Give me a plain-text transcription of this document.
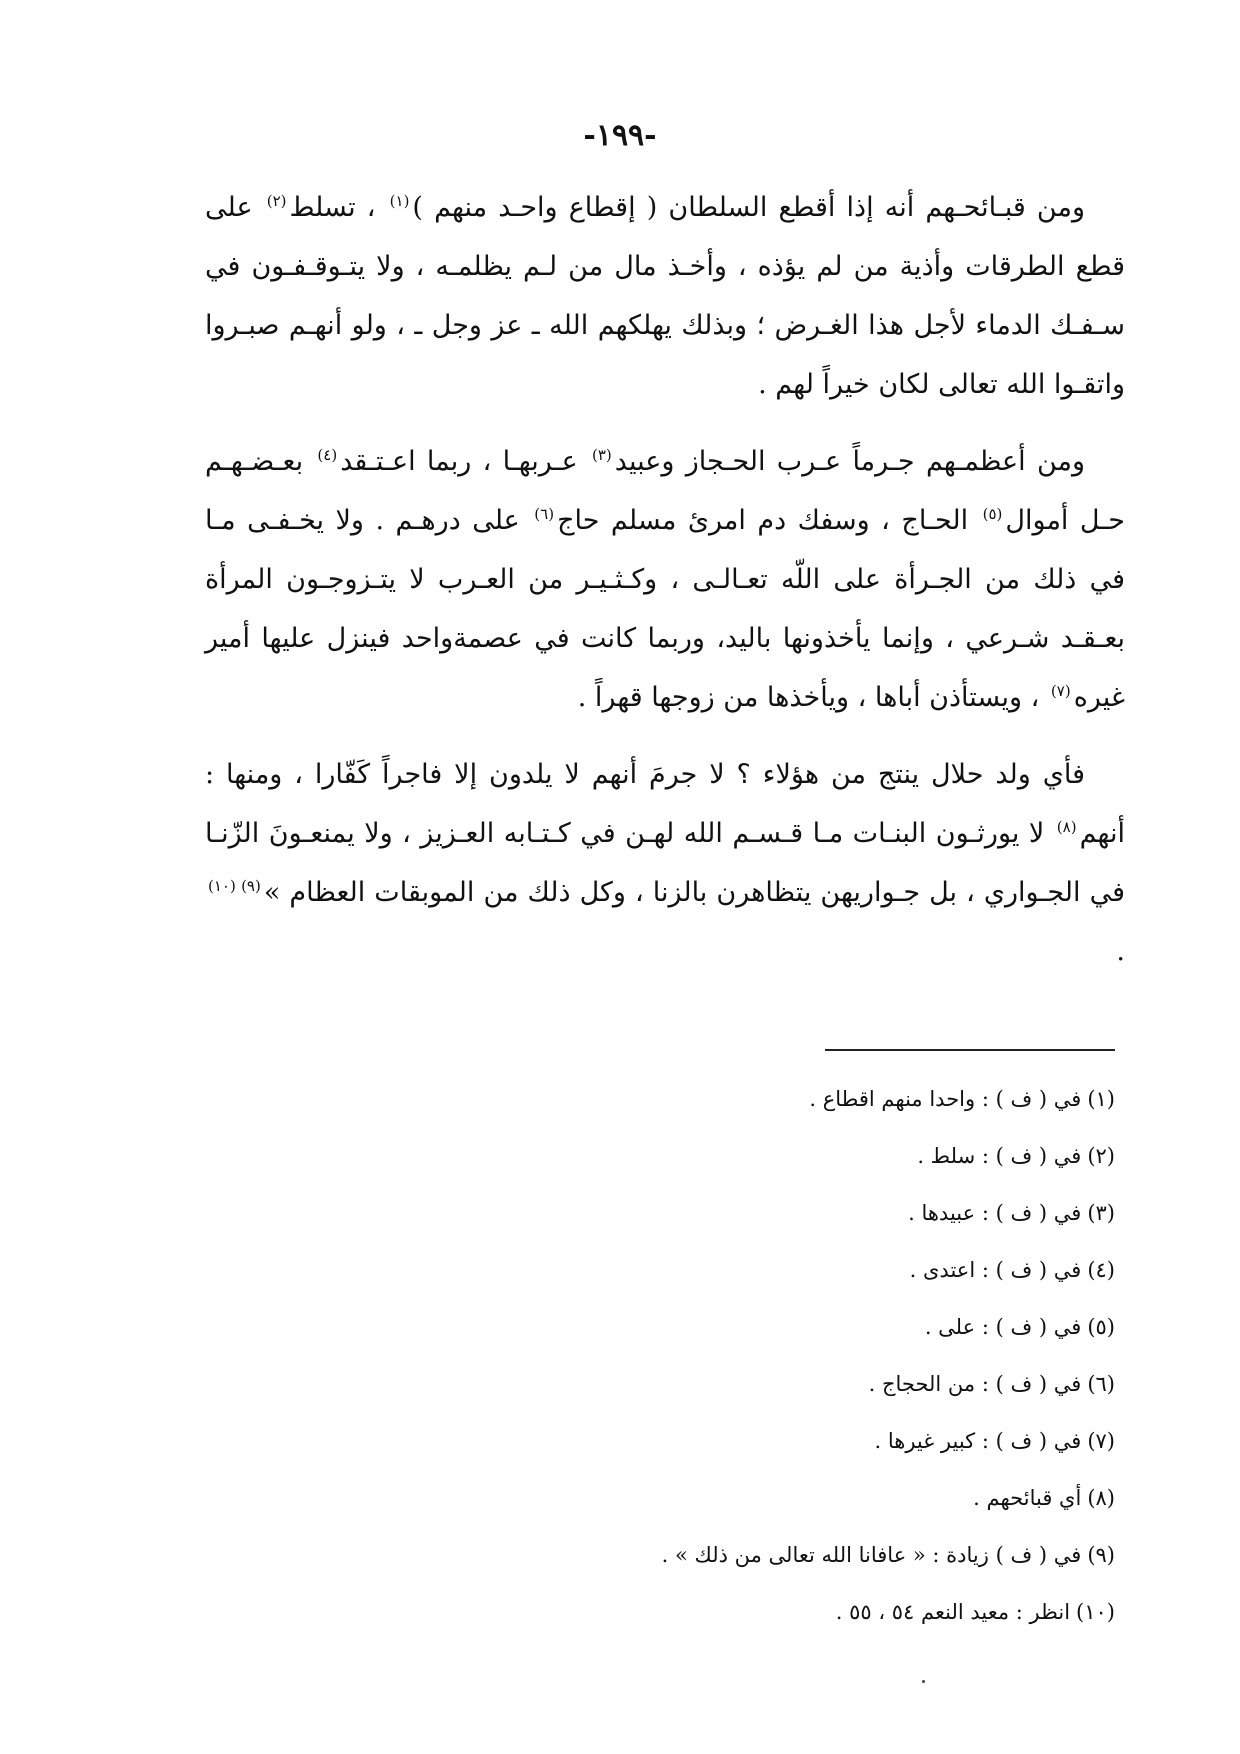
-١٩٩-

ومن قبـائحـهم أنه إذا أقطع السلطان ( إقطاع واحـد منهم )$^{(١)}$ ، تسلط$^{(٢)}$ على قطع الطرقات وأذية من لم يؤذه ، وأخـذ مال من لـم يظلمـه ، ولا يتـوقـفـون في سـفـك الدماء لأجل هذا الغـرض ؛ وبذلك يهلكهم الله ـ عز وجل ـ ، ولو أنهـم صبـروا واتقـوا الله تعالى لكان خيراً لهم .

ومن أعظمـهم جـرماً عـرب الحـجاز وعبيد$^{(٣)}$ عـربهـا ، ربما اعـتـقد$^{(٤)}$ بعـضـهـم حـل أموال$^{(٥)}$ الحـاج ، وسفك دم امرئ مسلم حاج$^{(٦)}$ على درهـم . ولا يخـفـى مـا في ذلك من الجـرأة على اللّه تعـالـى ، وكـثـيـر من العـرب لا يتـزوجـون المرأة بعـقـد شـرعي ، وإنما يأخذونها باليد، وربما كانت في عصمةواحد فينزل عليها أمير غيره$^{(٧)}$ ، ويستأذن أباها ، ويأخذها من زوجها قهراً .

فأي ولد حلال ينتج من هؤلاء ؟ لا جرمَ أنهم لا يلدون إلا فاجراً كَفّارا ، ومنها : أنهم$^{(٨)}$ لا يورثـون البنـات مـا قـسـم الله لهـن في كـتـابه العـزيز ، ولا يمنعـونَ الزّنـا في الجـواري ، بل جـواريهن يتظاهرن بالزنا ، وكل ذلك من الموبقات العظام »$^{(٩) (١٠)}$ .

(١)في ( ف ) : واحدا منهم اقطاع .
(٢)في ( ف ) : سلط .
(٣)في ( ف ) : عبيدها .
(٤)في ( ف ) : اعتدى .
(٥)في ( ف ) : على .
(٦)في ( ف ) : من الحجاج .
(٧)في ( ف ) : كبير غيرها .
(٨)أي قبائحهم .
(٩)في ( ف ) زيادة : « عافانا الله تعالى من ذلك » .
(١٠)انظر : معيد النعم ٥٤ ، ٥٥ .
